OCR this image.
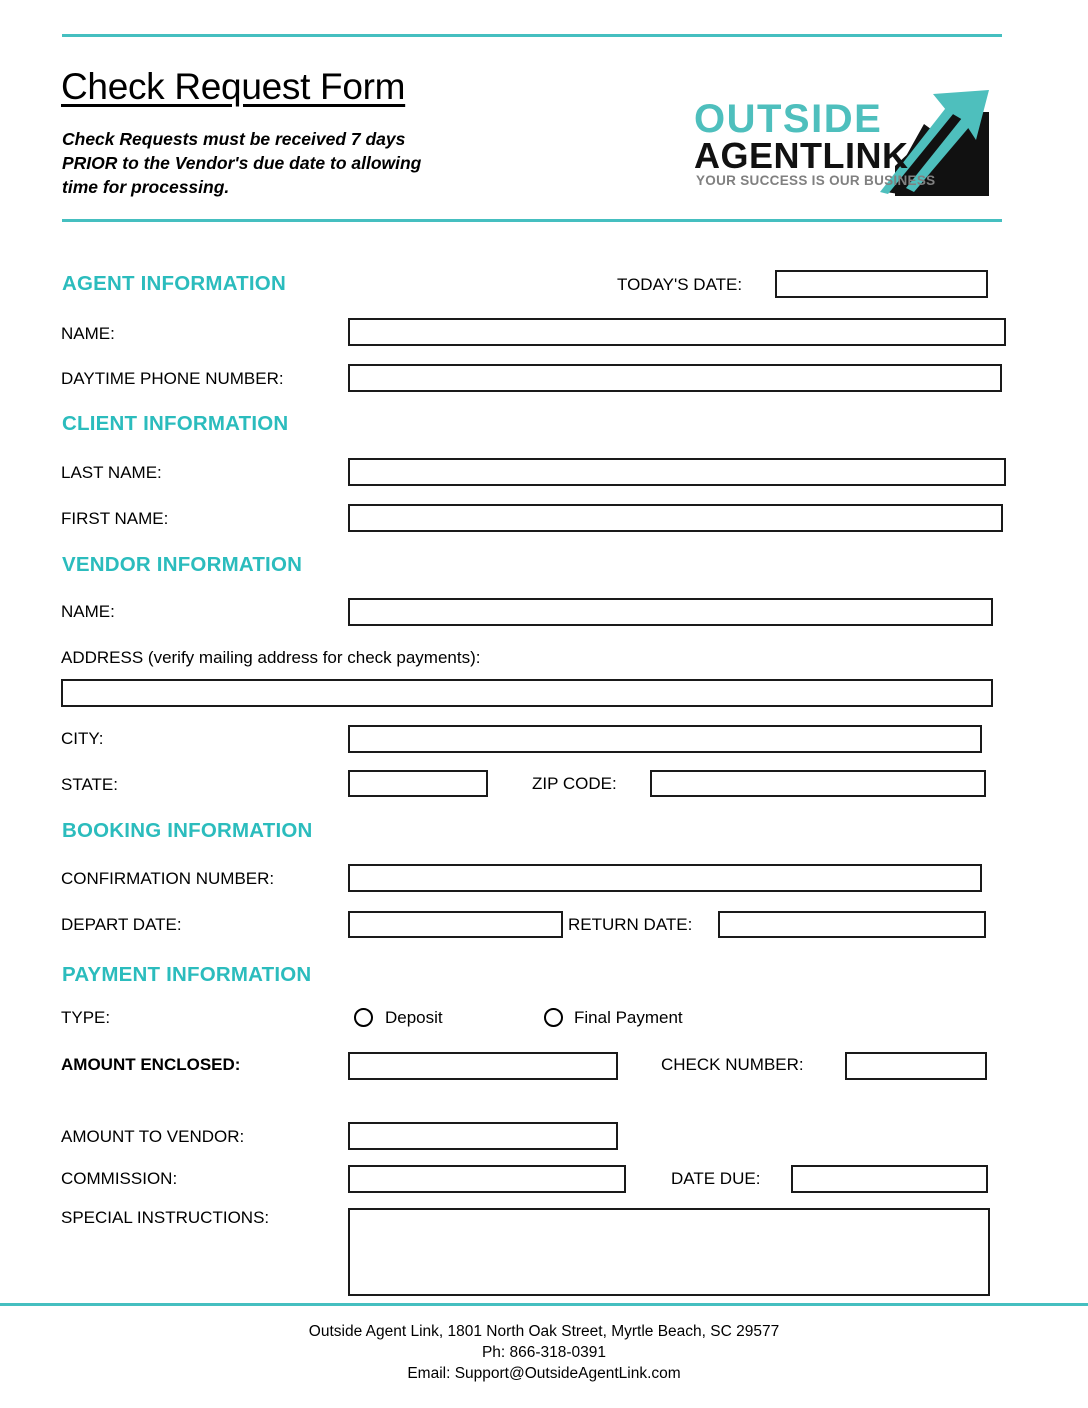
Check Request Form
Check Requests must be received 7 days PRIOR to the Vendor's due date to allowing time for processing.
OUTSIDE
AGENTLINK
YOUR SUCCESS IS OUR BUSINESS
AGENT INFORMATION	TODAY'S DATE:
NAME:
DAYTIME PHONE NUMBER:
CLIENT INFORMATION
LAST NAME:
FIRST NAME:
VENDOR INFORMATION
NAME:
ADDRESS (verify mailing address for check payments):
CITY:
STATE:	ZIP CODE:
BOOKING INFORMATION
CONFIRMATION NUMBER:
DEPART DATE:	RETURN DATE:
PAYMENT INFORMATION
TYPE:	Deposit	Final Payment
AMOUNT ENCLOSED:	CHECK NUMBER:
AMOUNT TO VENDOR:
COMMISSION:	DATE DUE:
SPECIAL INSTRUCTIONS:
Outside Agent Link, 1801 North Oak Street, Myrtle Beach, SC 29577
Ph: 866-318-0391
Email: Support@OutsideAgentLink.com
